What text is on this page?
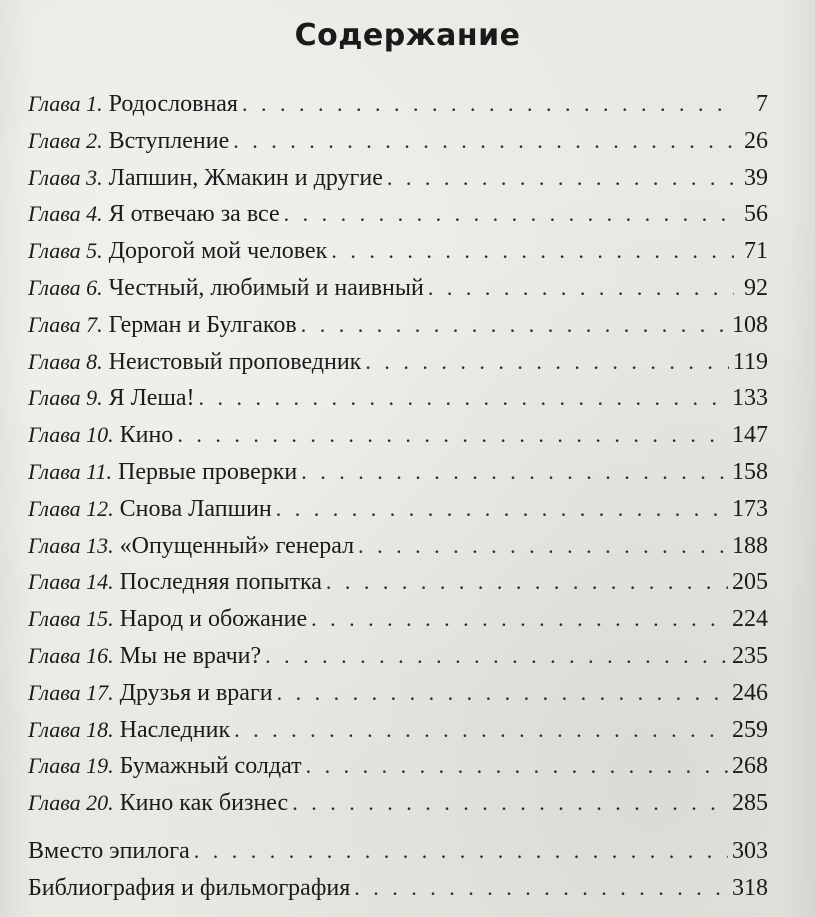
Содержание
Глава 1. Родословная . . .	7
Глава 2. Вступление . . .	26
Глава 3. Лапшин, Жмакин и другие . . .	39
Глава 4. Я отвечаю за все . . .	56
Глава 5. Дорогой мой человек . . .	71
Глава 6. Честный, любимый и наивный . . .	92
Глава 7. Герман и Булгаков . . .	108
Глава 8. Неистовый проповедник . . .	119
Глава 9. Я Леша! . . .	133
Глава 10. Кино . . .	147
Глава 11. Первые проверки . . .	158
Глава 12. Снова Лапшин . . .	173
Глава 13. «Опущенный» генерал . . .	188
Глава 14. Последняя попытка . . .	205
Глава 15. Народ и обожание . . .	224
Глава 16. Мы не врачи? . . .	235
Глава 17. Друзья и враги . . .	246
Глава 18. Наследник . . .	259
Глава 19. Бумажный солдат . . .	268
Глава 20. Кино как бизнес . . .	285
Вместо эпилога . . .	303
Библиография и фильмография . . .	318
